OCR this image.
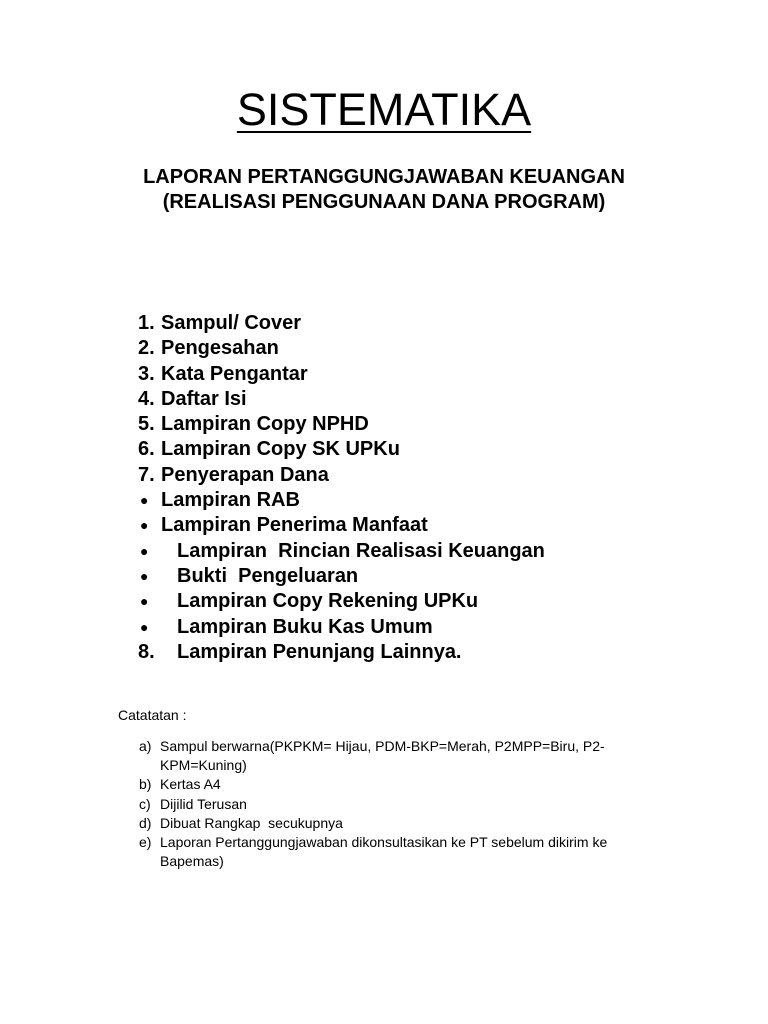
SISTEMATIKA
LAPORAN PERTANGGUNGJAWABAN KEUANGAN
(REALISASI PENGGUNAAN DANA PROGRAM)
1. Sampul/ Cover
2. Pengesahan
3. Kata Pengantar
4. Daftar Isi
5. Lampiran Copy NPHD
6. Lampiran Copy SK UPKu
7. Penyerapan Dana
● Lampiran RAB
● Lampiran Penerima Manfaat
● Lampiran  Rincian Realisasi Keuangan
● Bukti  Pengeluaran
● Lampiran Copy Rekening UPKu
● Lampiran Buku Kas Umum
8. Lampiran Penunjang Lainnya.
Catatatan :
a) Sampul berwarna(PKPKM= Hijau, PDM-BKP=Merah, P2MPP=Biru, P2-KPM=Kuning)
b) Kertas A4
c) Dijilid Terusan
d) Dibuat Rangkap  secukupnya
e) Laporan Pertanggungjawaban dikonsultasikan ke PT sebelum dikirim ke Bapemas)
